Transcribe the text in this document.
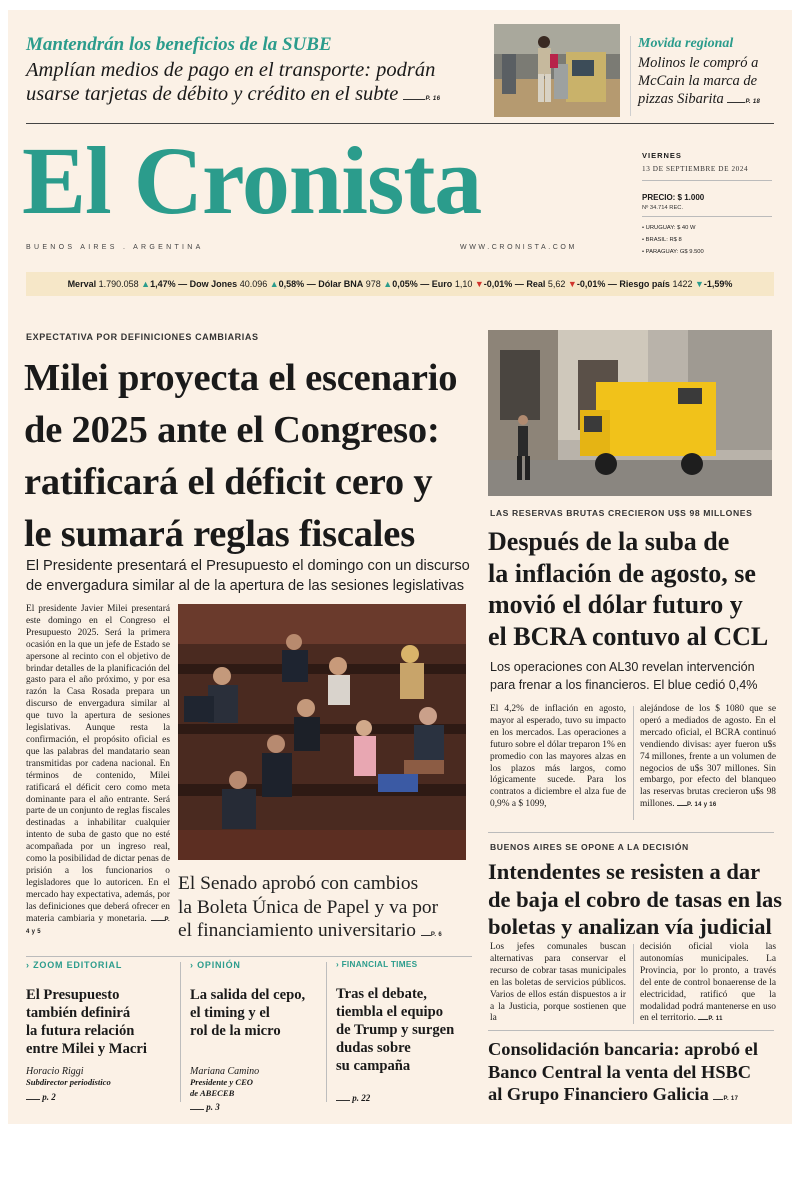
Mantendrán los beneficios de la SUBE
Amplían medios de pago en el transporte: podrán
usarse tarjetas de débito y crédito en el subte	P. 16
Movida regional
Molinos le compró a
McCain la marca de
pizzas Sibarita	P. 18
El Cronista
BUENOS AIRES . ARGENTINA	WWW.CRONISTA.COM
VIERNES
13 DE SEPTIEMBRE DE 2024
PRECIO: $ 1.000
Nº 34.714 REC.
• URUGUAY: $ 40 W
• BRASIL: R$ 8
• PARAGUAY: G$ 9.500
Merval 1.790.058 ▲1,47% — Dow Jones 40.096 ▲0,58% — Dólar BNA 978 ▲0,05% — Euro 1,10 ▼-0,01% — Real 5,62 ▼-0,01% — Riesgo país 1422 ▼-1,59%
EXPECTATIVA POR DEFINICIONES CAMBIARIAS
Milei proyecta el escenario
de 2025 ante el Congreso:
ratificará el déficit cero y
le sumará reglas fiscales
El Presidente presentará el Presupuesto el domingo con un discurso
de envergadura similar al de la apertura de las sesiones legislativas
El presidente Javier Milei presentará este domingo en el Congreso el Presupuesto 2025. Será la primera ocasión en la que un jefe de Estado se apersone al recinto con el objetivo de brindar detalles de la planificación del gasto para el año próximo, y por esa razón la Casa Rosada prepara un discurso de envergadura similar al que tuvo la apertura de sesiones legislativas. Aunque resta la confirmación, el propósito oficial es que las palabras del mandatario sean transmitidas por cadena nacional. En términos de contenido, Milei ratificará el déficit cero como meta dominante para el año entrante. Será parte de un conjunto de reglas fiscales destinadas a inhabilitar cualquier intento de suba de gasto que no esté acompañada por un ingreso real, como la posibilidad de dictar penas de prisión a los funcionarios o legisladores que lo autoricen. En el mercado hay expectativa, además, por las definiciones que deberá ofrecer en materia cambiaria y monetaria.	P. 4 y 5
El Senado aprobó con cambios
la Boleta Única de Papel y va por
el financiamiento universitario P. 6
LAS RESERVAS BRUTAS CRECIERON U$S 98 MILLONES
Después de la suba de
la inflación de agosto, se
movió el dólar futuro y
el BCRA contuvo al CCL
Los operaciones con AL30 revelan intervención
para frenar a los financieros. El blue cedió 0,4%
El 4,2% de inflación en agosto, mayor al esperado, tuvo su impacto en los mercados. Las operaciones a futuro sobre el dólar treparon 1% en promedio con las mayores alzas en los plazos más largos, como lógicamente sucede. Para los contratos a diciembre el alza fue de 0,9% a $ 1099,
alejándose de los $ 1080 que se operó a mediados de agosto. En el mercado oficial, el BCRA continuó vendiendo divisas: ayer fueron u$s 74 millones, frente a un volumen de negocios de u$s 307 millones. Sin embargo, por efecto del blanqueo las reservas brutas crecieron u$s 98 millones. P. 14 y 16
BUENOS AIRES SE OPONE A LA DECISIÓN
Intendentes se resisten a dar
de baja el cobro de tasas en las
boletas y analizan vía judicial
Los jefes comunales buscan alternativas para conservar el recurso de cobrar tasas municipales en las boletas de servicios públicos. Varios de ellos están dispuestos a ir a la Justicia, porque sostienen que la
decisión oficial viola las autonomías municipales. La Provincia, por lo pronto, a través del ente de control bonaerense de la electricidad, ratificó que la modalidad podrá mantenerse en uso en el territorio. P. 11
Consolidación bancaria: aprobó el
Banco Central la venta del HSBC
al Grupo Financiero Galicia P. 17
› ZOOM EDITORIAL
El Presupuesto
también definirá
la futura relación
entre Milei y Macri
Horacio Riggi
Subdirector periodístico
p. 2
› OPINIÓN
La salida del cepo,
el timing y el
rol de la micro
Mariana Camino
Presidente y CEO
de ABECEB
p. 3
› FINANCIAL TIMES
Tras el debate,
tiembla el equipo
de Trump y surgen
dudas sobre
su campaña
p. 22
